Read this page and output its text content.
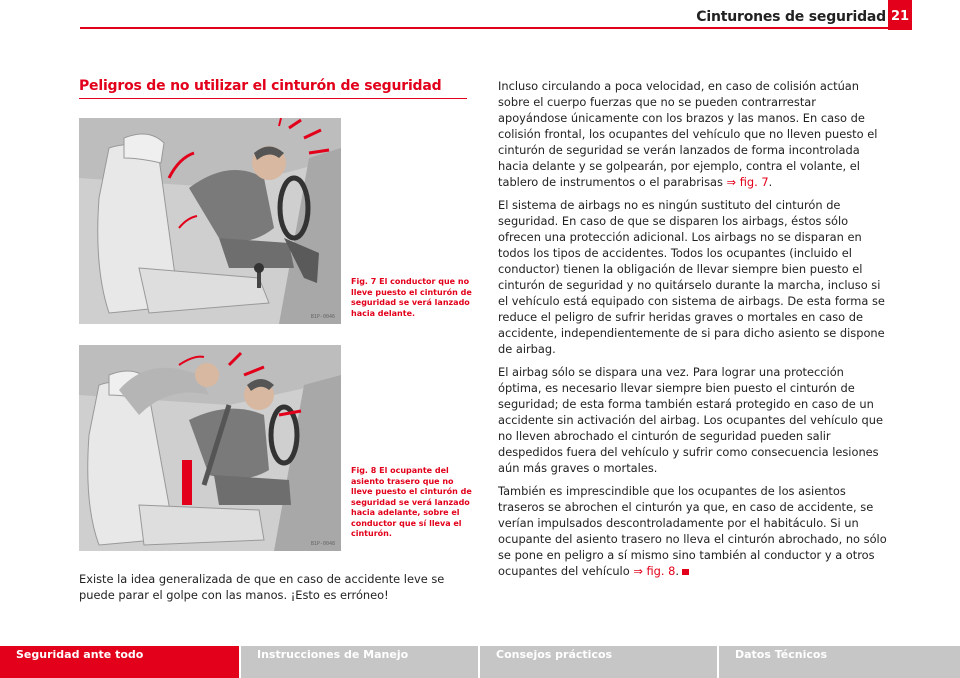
Cinturones de seguridad 21
Peligros de no utilizar el cinturón de seguridad
B1P-0046
Fig. 7 El conductor que no lleve puesto el cinturón de seguridad se verá lanzado hacia delante.
B1P-0048
Fig. 8 El ocupante del asiento trasero que no lleve puesto el cinturón de seguridad se verá lanzado hacia adelante, sobre el conductor que sí lleva el cinturón.
Existe la idea generalizada de que en caso de accidente leve se puede parar el golpe con las manos. ¡Esto es erróneo!

Incluso circulando a poca velocidad, en caso de colisión actúan sobre el cuerpo fuerzas que no se pueden contrarrestar apoyándose únicamente con los brazos y las manos. En caso de colisión frontal, los ocupantes del vehículo que no lleven puesto el cinturón de seguridad se verán lanzados de forma incontrolada hacia delante y se golpearán, por ejemplo, contra el volante, el tablero de instrumentos o el parabrisas ⇒ fig. 7.

El sistema de airbags no es ningún sustituto del cinturón de seguridad. En caso de que se disparen los airbags, éstos sólo ofrecen una protección adicional. Los airbags no se disparan en todos los tipos de accidentes. Todos los ocupantes (incluido el conductor) tienen la obligación de llevar siempre bien puesto el cinturón de seguridad y no quitárselo durante la marcha, incluso si el vehículo está equipado con sistema de airbags. De esta forma se reduce el peligro de sufrir heridas graves o mortales en caso de accidente, independientemente de si para dicho asiento se dispone de airbag.

El airbag sólo se dispara una vez. Para lograr una protección óptima, es necesario llevar siempre bien puesto el cinturón de seguridad; de esta forma también estará protegido en caso de un accidente sin activación del airbag. Los ocupantes del vehículo que no lleven abrochado el cinturón de seguridad pueden salir despedidos fuera del vehículo y sufrir como consecuencia lesiones aún más graves o mortales.

También es imprescindible que los ocupantes de los asientos traseros se abrochen el cinturón ya que, en caso de accidente, se verían impulsados descontroladamente por el habitáculo. Si un ocupante del asiento trasero no lleva el cinturón abrochado, no sólo se pone en peligro a sí mismo sino también al conductor y a otros ocupantes del vehículo ⇒ fig. 8.

Seguridad ante todo	Instrucciones de Manejo	Consejos prácticos	Datos Técnicos
